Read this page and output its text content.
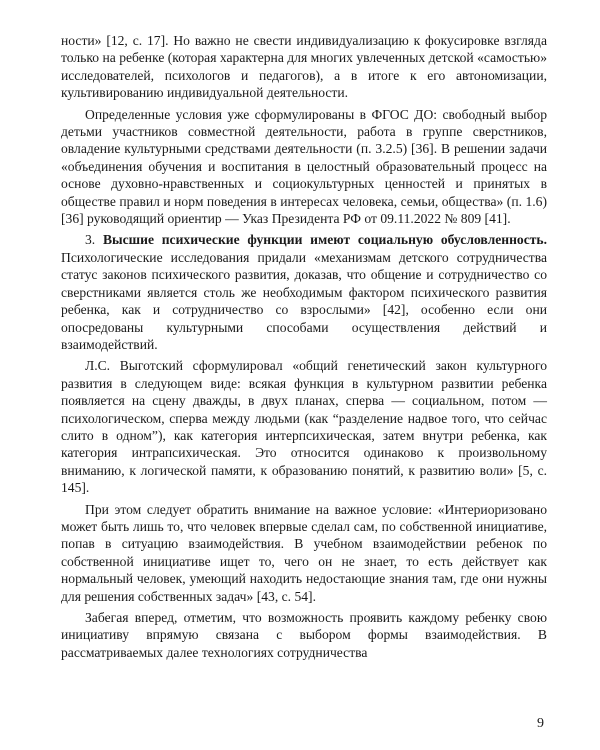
ности» [12, с. 17]. Но важно не свести индивидуализацию к фокусировке взгляда только на ребенке (которая характерна для многих увлеченных детской «самостью» исследователей, психологов и педагогов), а в итоге к его автономизации, культивированию индивидуальной деятельности.

Определенные условия уже сформулированы в ФГОС ДО: свободный выбор детьми участников совместной деятельности, работа в группе сверстников, овладение культурными средствами деятельности (п. 3.2.5) [36]. В решении задачи «объединения обучения и воспитания в целостный образовательный процесс на основе духовно-нравственных и социокультурных ценностей и принятых в обществе правил и норм поведения в интересах человека, семьи, общества» (п. 1.6) [36] руководящий ориентир — Указ Президента РФ от 09.11.2022 № 809 [41].

3. Высшие психические функции имеют социальную обусловленность. Психологические исследования придали «механизмам детского сотрудничества статус законов психического развития, доказав, что общение и сотрудничество со сверстниками является столь же необходимым фактором психического развития ребенка, как и сотрудничество со взрослыми» [42], особенно если они опосредованы культурными способами осуществления действий и взаимодействий.

Л.С. Выготский сформулировал «общий генетический закон культурного развития в следующем виде: всякая функция в культурном развитии ребенка появляется на сцену дважды, в двух планах, сперва — социальном, потом — психологическом, сперва между людьми (как “разделение надвое того, что сейчас слито в одном”), как категория интерпсихическая, затем внутри ребенка, как категория интрапсихическая. Это относится одинаково к произвольному вниманию, к логической памяти, к образованию понятий, к развитию воли» [5, с. 145].

При этом следует обратить внимание на важное условие: «Интериоризовано может быть лишь то, что человек впервые сделал сам, по собственной инициативе, попав в ситуацию взаимодействия. В учебном взаимодействии ребенок по собственной инициативе ищет то, чего он не знает, то есть действует как нормальный человек, умеющий находить недостающие знания там, где они нужны для решения собственных задач» [43, с. 54].

Забегая вперед, отметим, что возможность проявить каждому ребенку свою инициативу впрямую связана с выбором формы взаимодействия. В рассматриваемых далее технологиях сотрудничества

9
